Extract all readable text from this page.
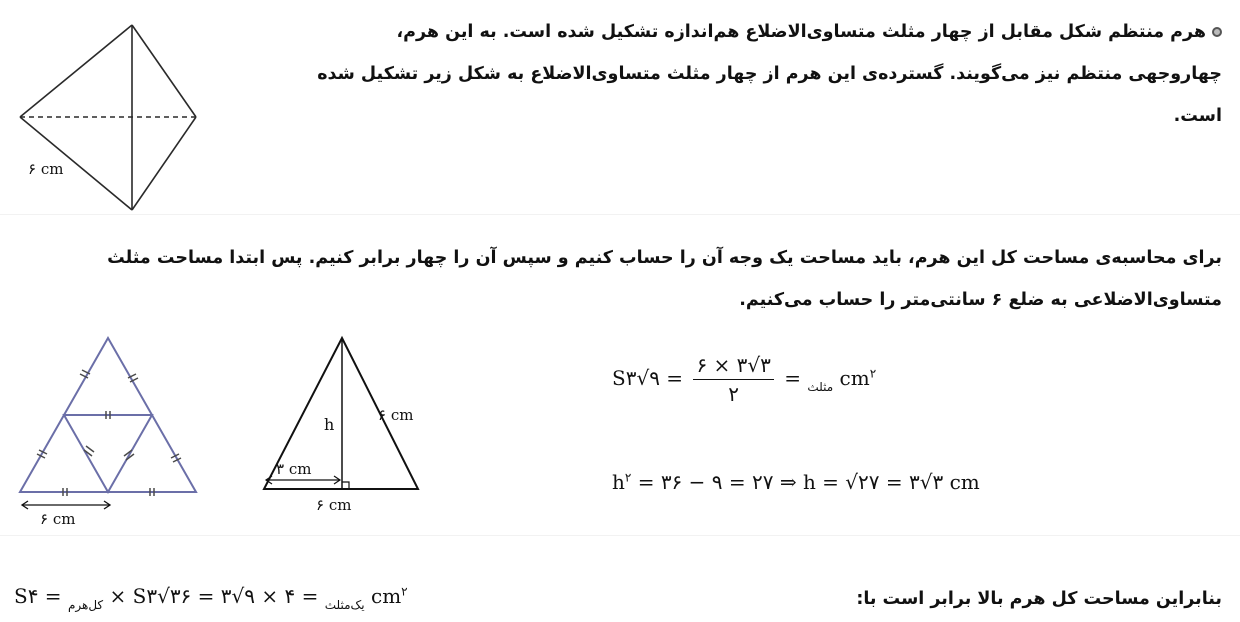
۶ cm
هرم منتظم شکل مقابل از چهار مثلث متساوی‌الاضلاع هم‌اندازه تشکیل شده است. به این هرم،
چهاروجهی منتظم نیز می‌گویند. گسترده‌ی این هرم از چهار مثلث متساوی‌الاضلاع به شکل زیر تشکیل شده
است.
برای محاسبه‌ی مساحت کل این هرم، باید مساحت یک وجه آن را حساب کنیم و سپس آن را چهار برابر کنیم. پس ابتدا مساحت مثلث
متساوی‌الاضلاعی به ضلع ۶ سانتی‌متر را حساب می‌کنیم.
۶ cm
h	۶ cm
۳ cm
۶ cm
S	$_{مثلث}$ =
$\frac{۶ \times ۳√۳}{۲}$
= ۹√۳ $cm^۲$
$h^۲$ = ۳۶ − ۹ = ۲۷ ⇒ h = √۲۷ = ۳√۳ cm
بنابراین مساحت کل هرم بالا برابر است با:
S	$_{کل‌هرم}$ = ۴ × S	$_{یک‌مثلث}$ = ۴ × ۹√۳ = ۳۶√۳ $cm^۲$
